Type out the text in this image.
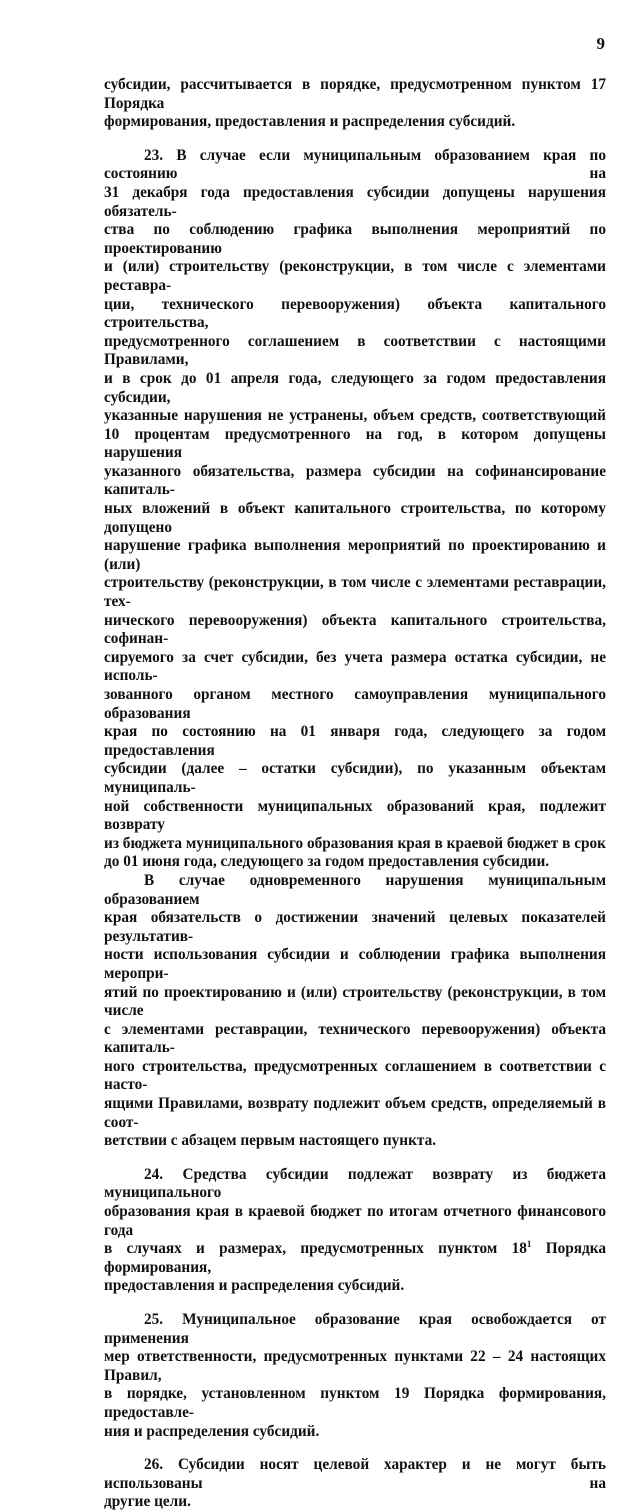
9

субсидии, рассчитывается в порядке, предусмотренном пунктом 17 Порядка

формирования, предоставления и распределения субсидий.

23. В случае если муниципальным образованием края по состоянию на

31 декабря года предоставления субсидии допущены нарушения обязатель-

ства по соблюдению графика выполнения мероприятий по проектированию

и (или) строительству (реконструкции, в том числе с элементами реставра-

ции, технического перевооружения) объекта капитального строительства,

предусмотренного соглашением в соответствии с настоящими Правилами,

и в срок до 01 апреля года, следующего за годом предоставления субсидии,

указанные нарушения не устранены, объем средств, соответствующий

10 процентам предусмотренного на год, в котором допущены нарушения

указанного обязательства, размера субсидии на софинансирование капиталь-

ных вложений в объект капитального строительства, по которому допущено

нарушение графика выполнения мероприятий по проектированию и (или)

строительству (реконструкции, в том числе с элементами реставрации, тех-

нического перевооружения) объекта капитального строительства, софинан-

сируемого за счет субсидии, без учета размера остатка субсидии, не исполь-

зованного органом местного самоуправления муниципального образования

края по состоянию на 01 января года, следующего за годом предоставления

субсидии (далее – остатки субсидии), по указанным объектам муниципаль-

ной собственности муниципальных образований края, подлежит возврату

из бюджета муниципального образования края в краевой бюджет в срок

до 01 июня года, следующего за годом предоставления субсидии.

В случае одновременного нарушения муниципальным образованием

края обязательств о достижении значений целевых показателей результатив-

ности использования субсидии и соблюдении графика выполнения меропри-

ятий по проектированию и (или) строительству (реконструкции, в том числе

с элементами реставрации, технического перевооружения) объекта капиталь-

ного строительства, предусмотренных соглашением в соответствии с насто-

ящими Правилами, возврату подлежит объем средств, определяемый в соот-

ветствии с абзацем первым настоящего пункта.

24. Средства субсидии подлежат возврату из бюджета муниципального

образования края в краевой бюджет по итогам отчетного финансового года

в случаях и размерах, предусмотренных пунктом $18^1$ Порядка формирования,

предоставления и распределения субсидий.

25. Муниципальное образование края освобождается от применения

мер ответственности, предусмотренных пунктами 22 – 24 настоящих Правил,

в порядке, установленном пунктом 19 Порядка формирования, предоставле-

ния и распределения субсидий.

26. Субсидии носят целевой характер и не могут быть использованы на

другие цели.
